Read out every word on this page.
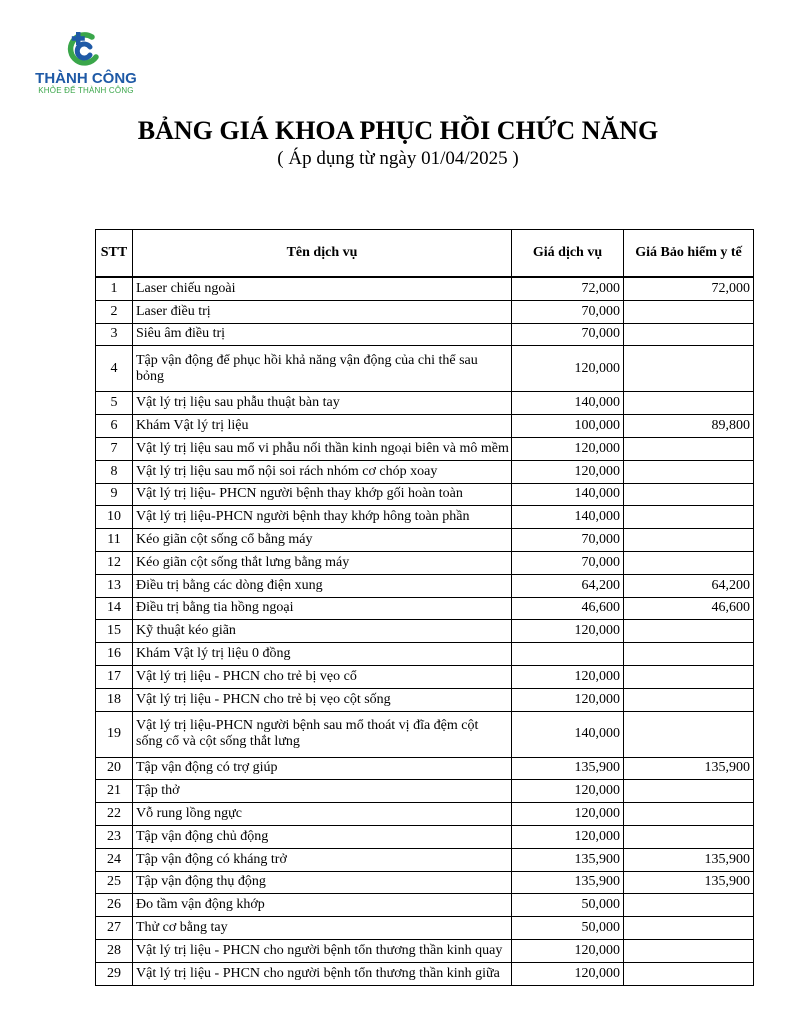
THÀNH CÔNG
KHỎE ĐỂ THÀNH CÔNG
BẢNG GIÁ KHOA PHỤC HỒI CHỨC NĂNG
( Áp dụng từ ngày 01/04/2025 )
STT	Tên dịch vụ	Giá dịch vụ	Giá Bảo hiểm y tế
1	Laser chiếu ngoài	72,000	72,000
2	Laser điều trị	70,000	
3	Siêu âm điều trị	70,000	
4	Tập vận động để phục hồi khả năng vận động của chi thể sau bỏng	120,000	
5	Vật lý trị liệu sau phẫu thuật bàn tay	140,000	
6	Khám Vật lý trị liệu	100,000	89,800
7	Vật lý trị liệu sau mổ vi phẫu nối thần kinh ngoại biên và mô mềm	120,000	
8	Vật lý trị liệu sau mổ nội soi rách nhóm cơ chóp xoay	120,000	
9	Vật lý trị liệu- PHCN người bệnh thay khớp gối hoàn toàn	140,000	
10	Vật lý trị liệu-PHCN người bệnh thay khớp hông toàn phần	140,000	
11	Kéo giãn cột sống cổ bằng máy	70,000	
12	Kéo giãn cột sống thắt lưng bằng máy	70,000	
13	Điều trị bằng các dòng điện xung	64,200	64,200
14	Điều trị bằng tia hồng ngoại	46,600	46,600
15	Kỹ thuật kéo giãn	120,000	
16	Khám Vật lý trị liệu 0 đồng		
17	Vật lý trị liệu - PHCN cho trẻ bị vẹo cổ	120,000	
18	Vật lý trị liệu - PHCN cho trẻ bị vẹo cột sống	120,000	
19	Vật lý trị liệu-PHCN người bệnh sau mổ thoát vị đĩa đệm cột sống cổ và cột sống thắt lưng	140,000	
20	Tập vận động có trợ giúp	135,900	135,900
21	Tập thở	120,000	
22	Vỗ rung lồng ngực	120,000	
23	Tập vận động chủ động	120,000	
24	Tập vận động có kháng trở	135,900	135,900
25	Tập vận động thụ động	135,900	135,900
26	Đo tầm vận động khớp	50,000	
27	Thử cơ bằng tay	50,000	
28	Vật lý trị liệu - PHCN cho người bệnh tổn thương thần kinh quay	120,000	
29	Vật lý trị liệu - PHCN cho người bệnh tổn thương thần kinh giữa	120,000	
